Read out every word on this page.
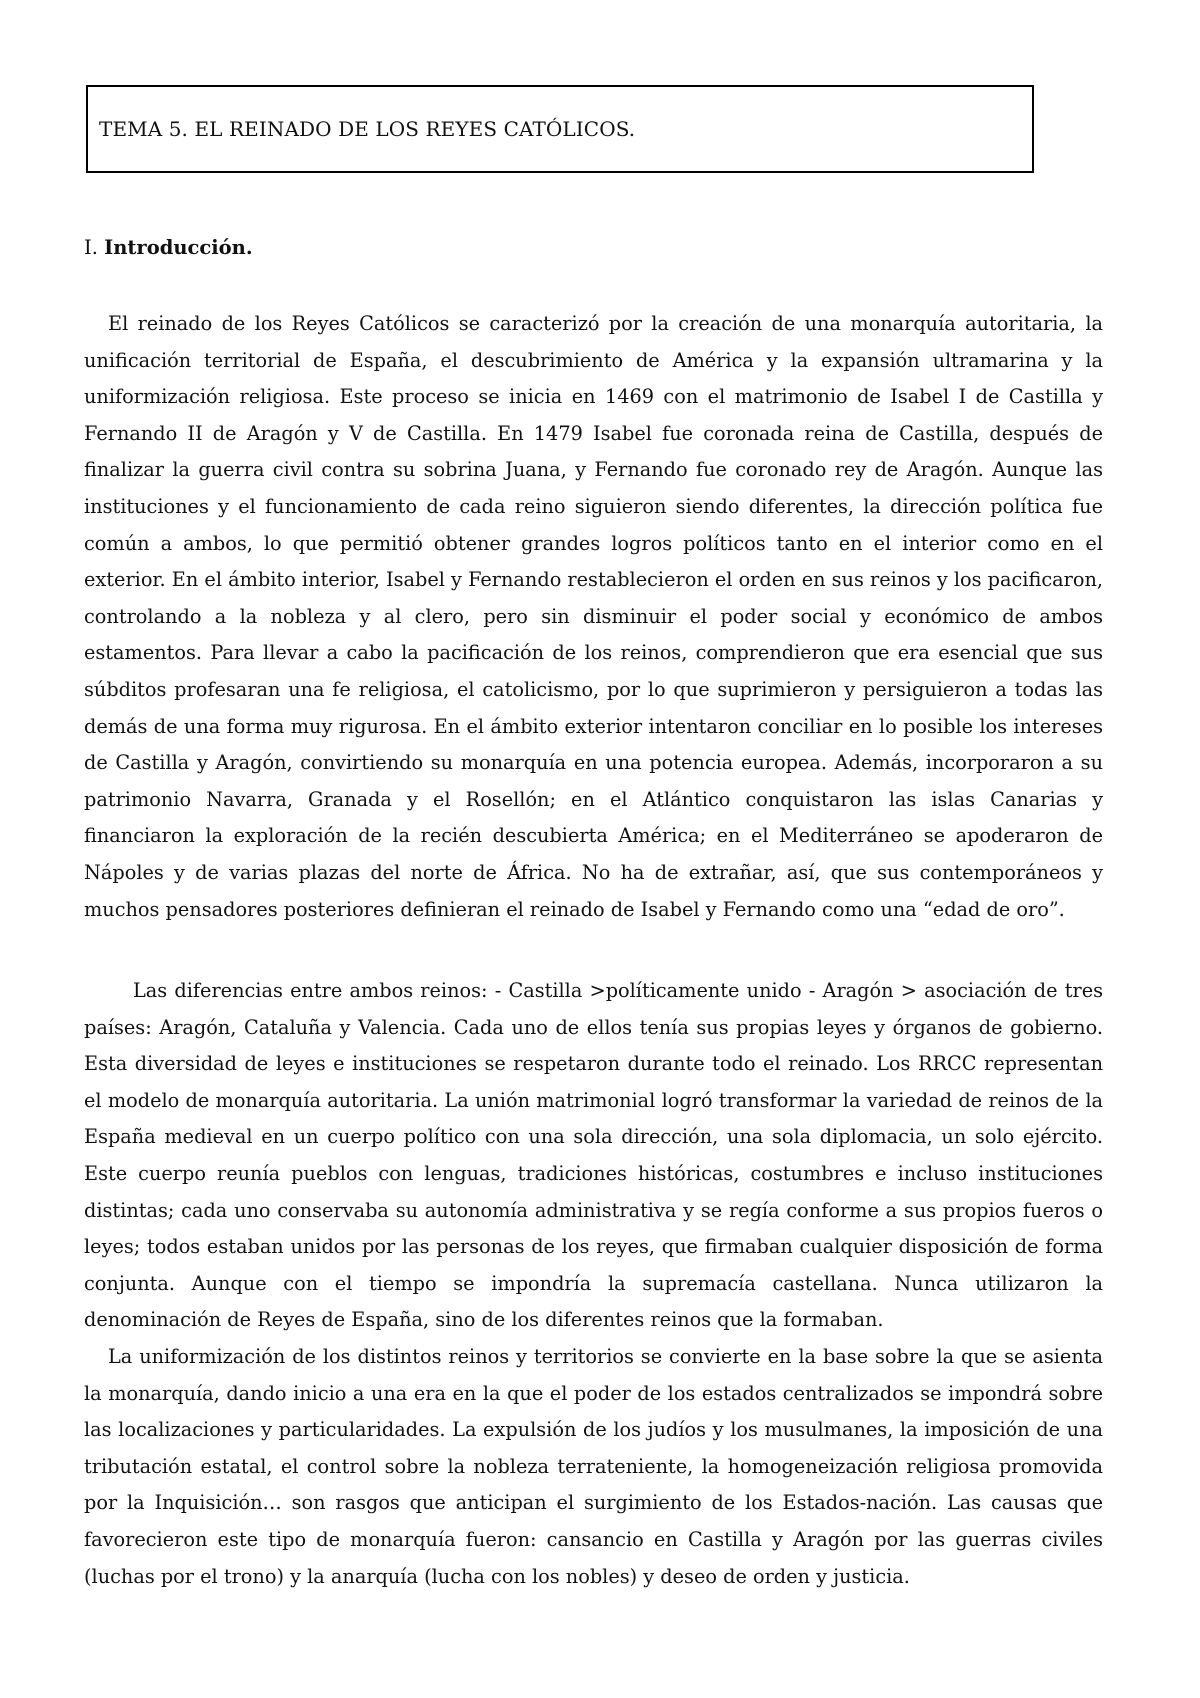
TEMA 5. EL REINADO DE LOS REYES CATÓLICOS.
I. Introducción.

El reinado de los Reyes Católicos se caracterizó por la creación de una monarquía autoritaria, la unificación territorial de España, el descubrimiento de América y la expansión ultramarina y la uniformización religiosa. Este proceso se inicia en 1469 con el matrimonio de Isabel I de Castilla y Fernando II de Aragón y V de Castilla. En 1479 Isabel fue coronada reina de Castilla, después de finalizar la guerra civil contra su sobrina Juana, y Fernando fue coronado rey de Aragón. Aunque las instituciones y el funcionamiento de cada reino siguieron siendo diferentes, la dirección política fue común a ambos, lo que permitió obtener grandes logros políticos tanto en el interior como en el exterior. En el ámbito interior, Isabel y Fernando restablecieron el orden en sus reinos y los pacificaron, controlando a la nobleza y al clero, pero sin disminuir el poder social y económico de ambos estamentos. Para llevar a cabo la pacificación de los reinos, comprendieron que era esencial que sus súbditos profesaran una fe religiosa, el catolicismo, por lo que suprimieron y persiguieron a todas las demás de una forma muy rigurosa. En el ámbito exterior intentaron conciliar en lo posible los intereses de Castilla y Aragón, convirtiendo su monarquía en una potencia europea. Además, incorporaron a su patrimonio Navarra, Granada y el Rosellón; en el Atlántico conquistaron las islas Canarias y financiaron la exploración de la recién descubierta América; en el Mediterráneo se apoderaron de Nápoles y de varias plazas del norte de África. No ha de extrañar, así, que sus contemporáneos y muchos pensadores posteriores definieran el reinado de Isabel y Fernando como una “edad de oro”.

Las diferencias entre ambos reinos: - Castilla >políticamente unido - Aragón > asociación de tres países: Aragón, Cataluña y Valencia. Cada uno de ellos tenía sus propias leyes y órganos de gobierno. Esta diversidad de leyes e instituciones se respetaron durante todo el reinado. Los RRCC representan el modelo de monarquía autoritaria. La unión matrimonial logró transformar la variedad de reinos de la España medieval en un cuerpo político con una sola dirección, una sola diplomacia, un solo ejército. Este cuerpo reunía pueblos con lenguas, tradiciones históricas, costumbres e incluso instituciones distintas; cada uno conservaba su autonomía administrativa y se regía conforme a sus propios fueros o leyes; todos estaban unidos por las personas de los reyes, que firmaban cualquier disposición de forma conjunta. Aunque con el tiempo se impondría la supremacía castellana. Nunca utilizaron la denominación de Reyes de España, sino de los diferentes reinos que la formaban.

La uniformización de los distintos reinos y territorios se convierte en la base sobre la que se asienta la monarquía, dando inicio a una era en la que el poder de los estados centralizados se impondrá sobre las localizaciones y particularidades. La expulsión de los judíos y los musulmanes, la imposición de una tributación estatal, el control sobre la nobleza terrateniente, la homogeneización religiosa promovida por la Inquisición… son rasgos que anticipan el surgimiento de los Estados-nación. Las causas que favorecieron este tipo de monarquía fueron: cansancio en Castilla y Aragón por las guerras civiles (luchas por el trono) y la anarquía (lucha con los nobles) y deseo de orden y justicia.
